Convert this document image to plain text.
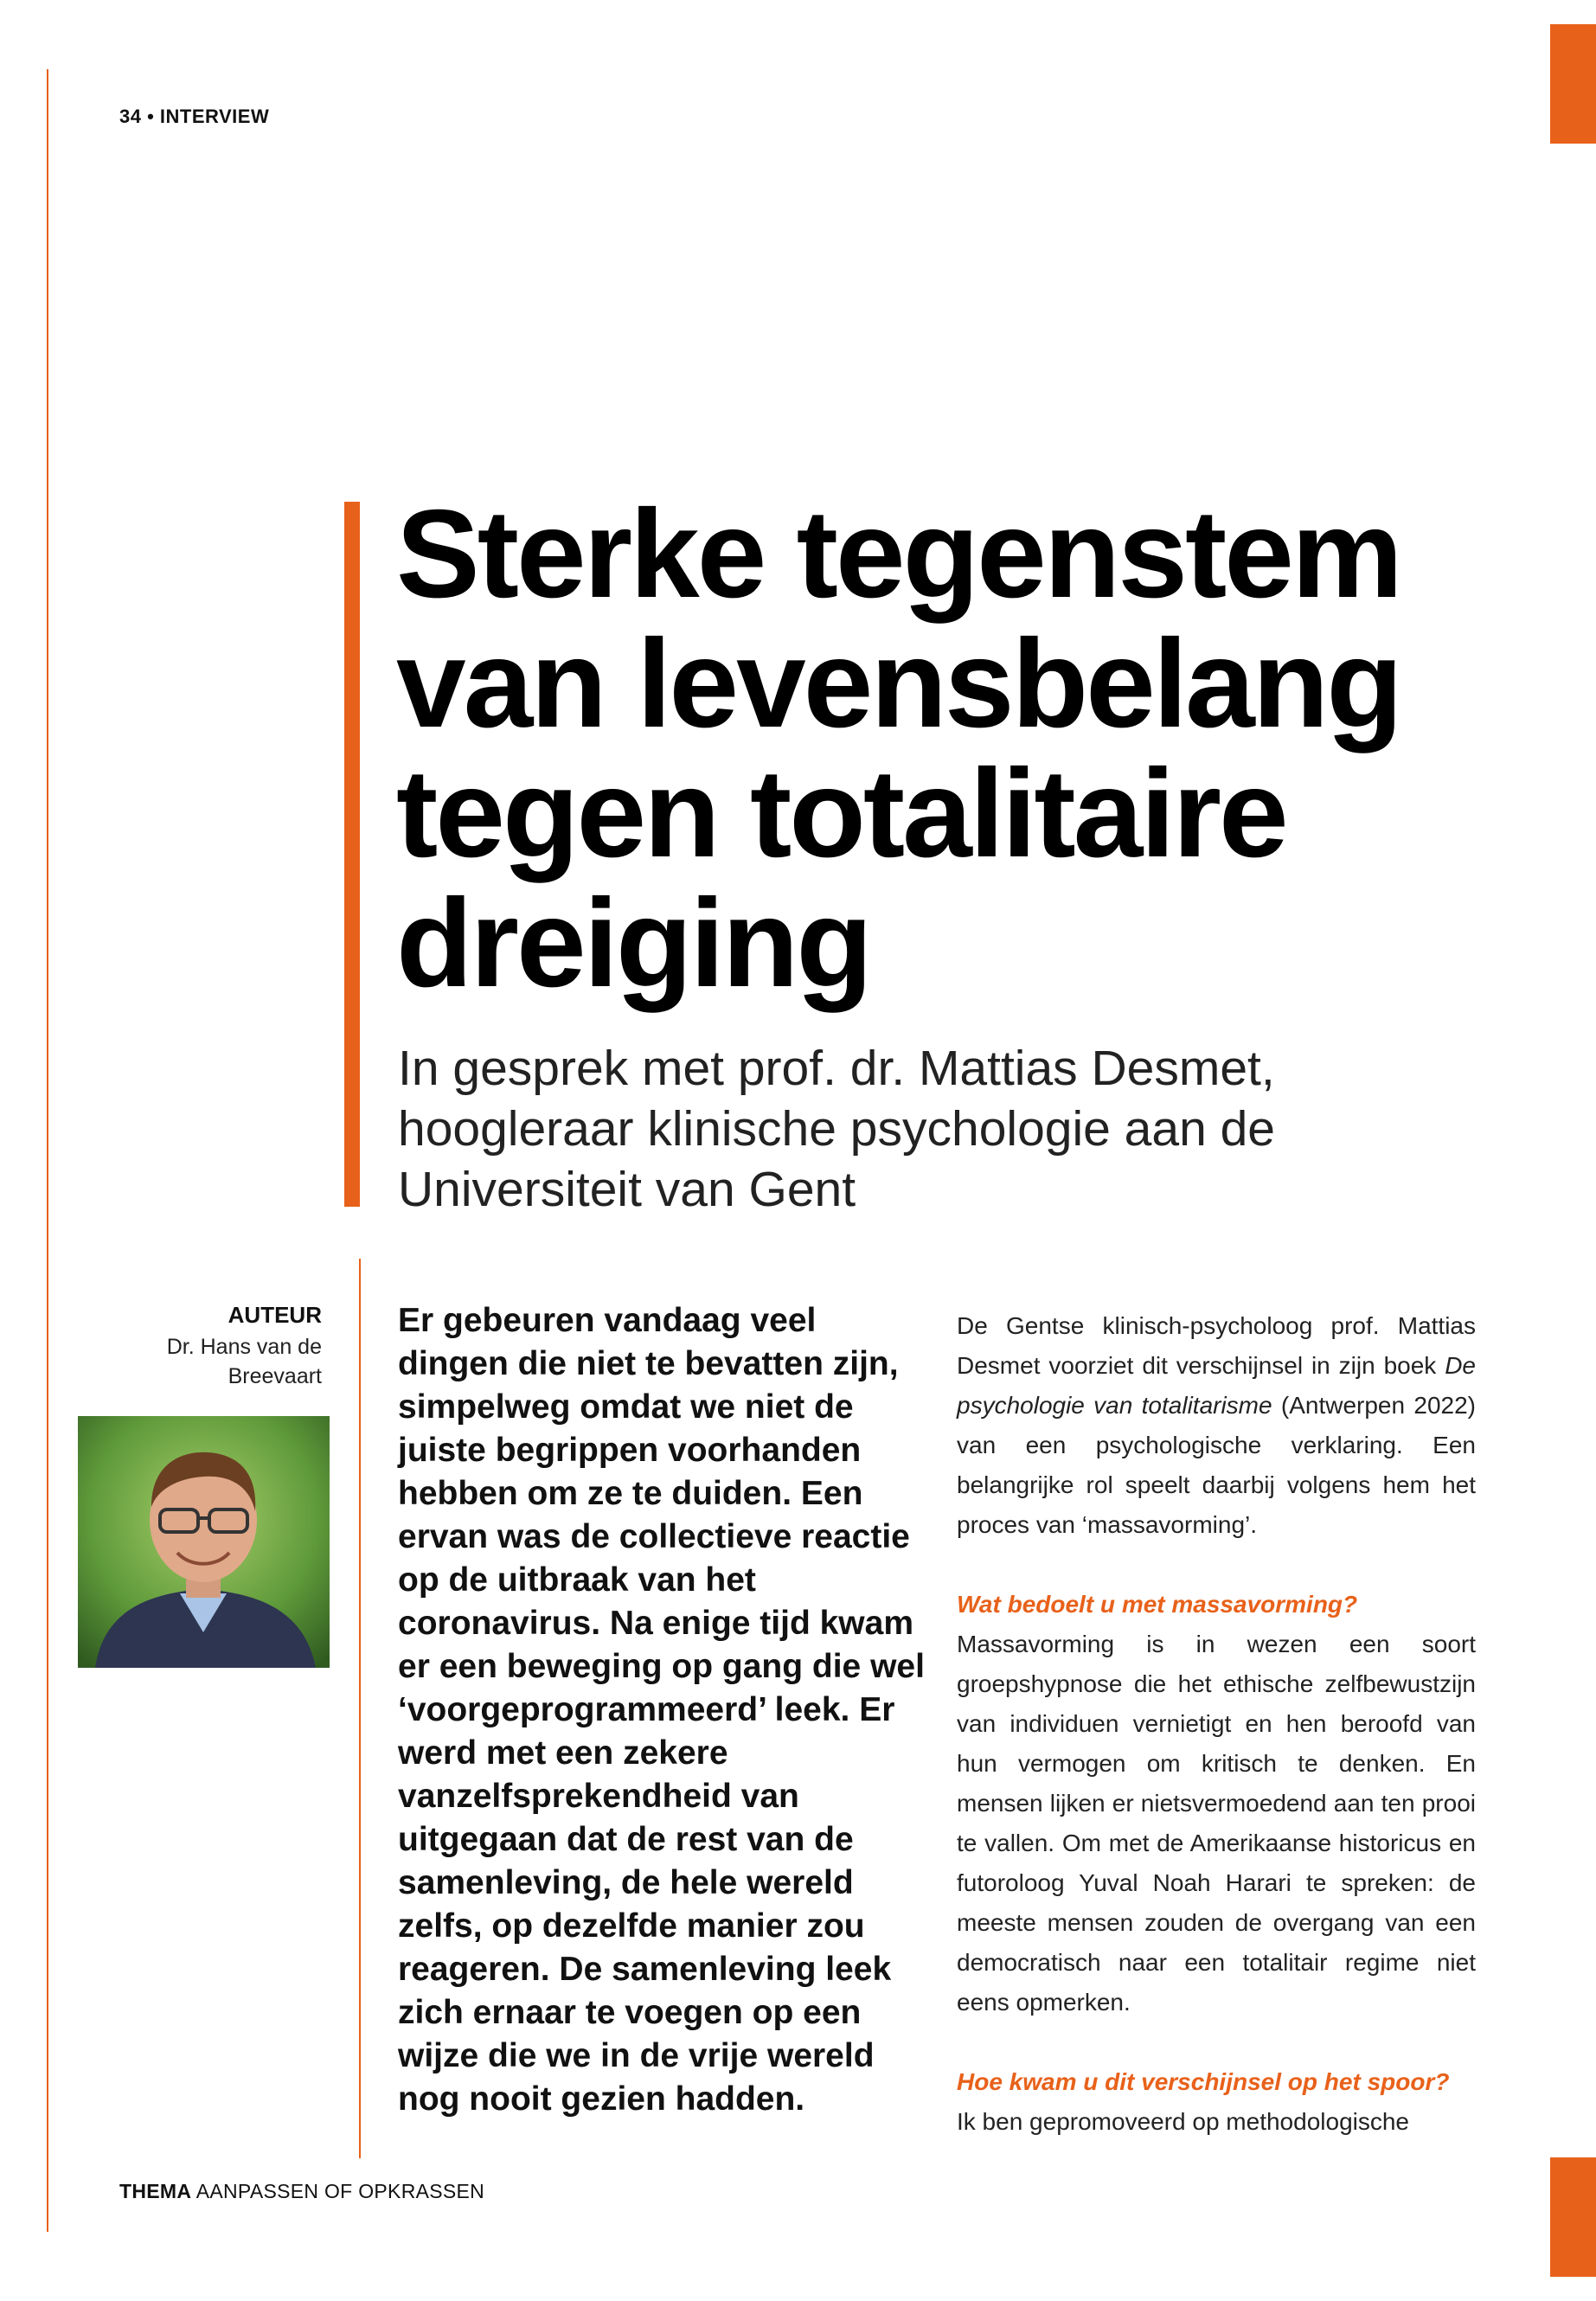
34 • INTERVIEW
Sterke tegenstem van levensbelang tegen totalitaire dreiging

In gesprek met prof. dr. Mattias Desmet, hoogleraar klinische psychologie aan de Universiteit van Gent

AUTEUR
Dr. Hans van de Breevaart

Er gebeuren vandaag veel dingen die niet te bevatten zijn, simpelweg omdat we niet de juiste begrippen voorhanden hebben om ze te duiden. Een ervan was de collectieve reactie op de uitbraak van het coronavirus. Na enige tijd kwam er een beweging op gang die wel ‘voorgeprogrammeerd’ leek. Er werd met een zekere vanzelfsprekendheid van uitgegaan dat de rest van de samenleving, de hele wereld zelfs, op dezelfde manier zou reageren. De samenleving leek zich ernaar te voegen op een wijze die we in de vrije wereld nog nooit gezien hadden.

De Gentse klinisch-psycholoog prof. Mattias Desmet voorziet dit verschijnsel in zijn boek De psychologie van totalitarisme (Antwerpen 2022) van een psychologische verklaring. Een belangrijke rol speelt daarbij volgens hem het proces van ‘massavorming’.

Wat bedoelt u met massavorming?

Massavorming is in wezen een soort groepshypnose die het ethische zelfbewustzijn van individuen vernietigt en hen beroofd van hun vermogen om kritisch te denken. En mensen lijken er nietsvermoedend aan ten prooi te vallen. Om met de Amerikaanse historicus en futoroloog Yuval Noah Harari te spreken: de meeste mensen zouden de overgang van een democratisch naar een totalitair regime niet eens opmerken.

Hoe kwam u dit verschijnsel op het spoor?

Ik ben gepromoveerd op methodologische

THEMA AANPASSEN OF OPKRASSEN
